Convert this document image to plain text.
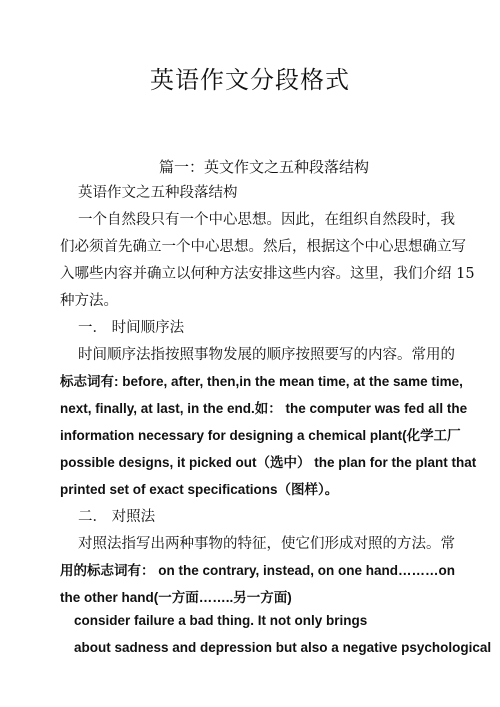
英语作文分段格式
篇一：英文作文之五种段落结构
英语作文之五种段落结构
一个自然段只有一个中心思想。因此，在组织自然段时，我
们必须首先确立一个中心思想。然后，根据这个中心思想确立写
入哪些内容并确立以何种方法安排这些内容。这里，我们介绍 15
种方法。
一． 时间顺序法
时间顺序法指按照事物发展的顺序按照要写的内容。常用的
标志词有: before, after, then,in the mean time, at the same time,
next, finally, at last, in the end.如： the computer was fed all the
information necessary for designing a chemical plant(化学工厂
possible designs, it picked out（选中） the plan for the plant that
printed set of exact specifications（图样）。
二． 对照法
对照法指写出两种事物的特征，使它们形成对照的方法。常
用的标志词有： on the contrary, instead, on one hand………on
the other hand(一方面……..另一方面)
consider failure a bad thing. It not only brings
about sadness and depression but also a negative psychological
